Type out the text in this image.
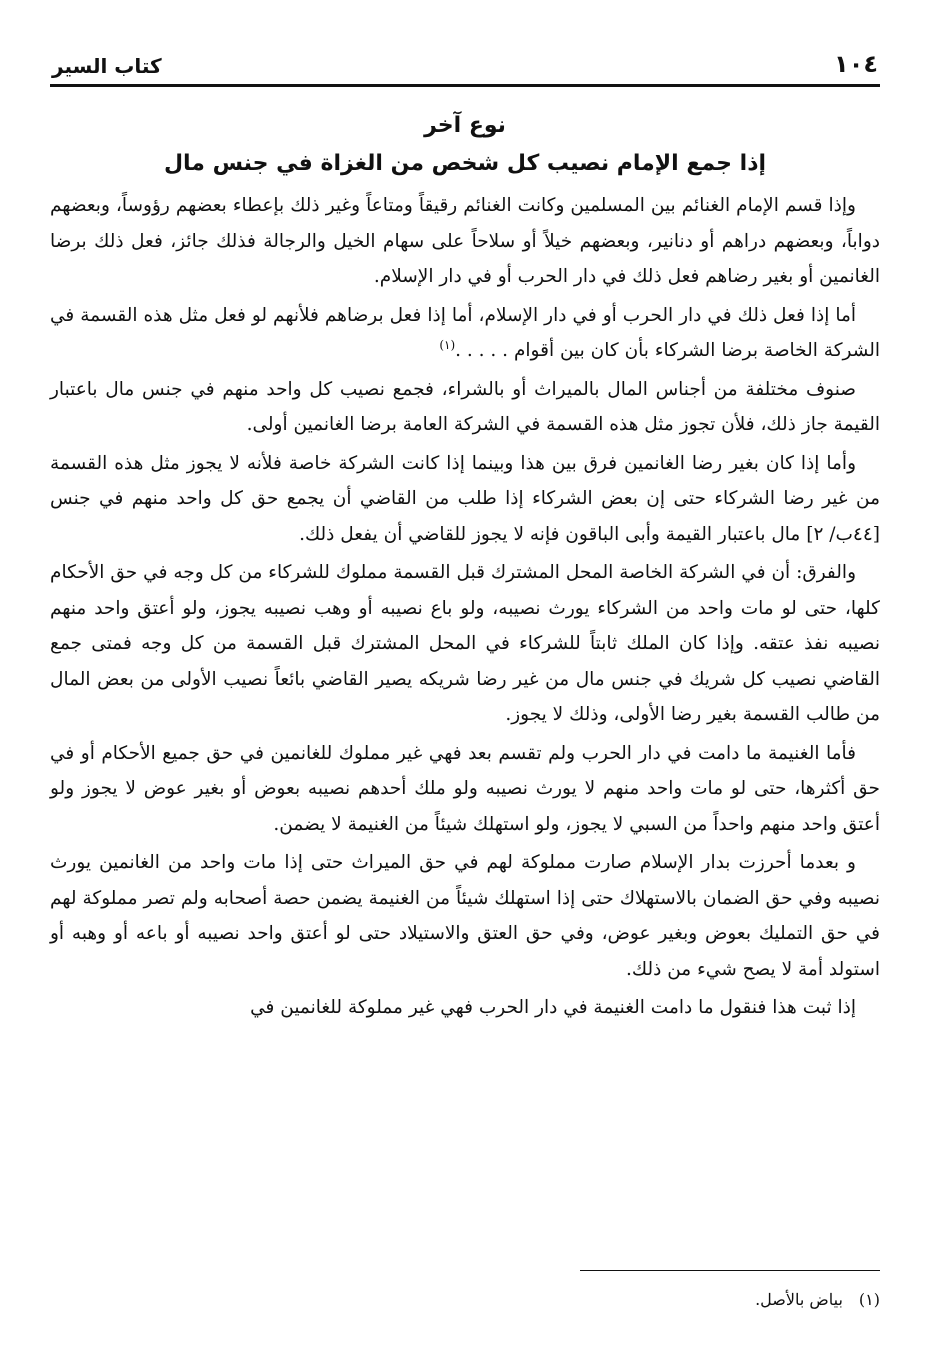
١٠٤
كتاب السير
نوع آخر
إذا جمع الإمام نصيب كل شخص من الغزاة في جنس مال

وإذا قسم الإمام الغنائم بين المسلمين وكانت الغنائم رقيقاً ومتاعاً وغير ذلك بإعطاء بعضهم رؤوساً، وبعضهم دواباً، وبعضهم دراهم أو دنانير، وبعضهم خيلاً أو سلاحاً على سهام الخيل والرجالة فذلك جائز، فعل ذلك برضا الغانمين أو بغير رضاهم فعل ذلك في دار الحرب أو في دار الإسلام.

أما إذا فعل ذلك في دار الحرب أو في دار الإسلام، أما إذا فعل برضاهم فلأنهم لو فعل مثل هذه القسمة في الشركة الخاصة برضا الشركاء بأن كان بين أقوام . . . . .$^{(١)}$

صنوف مختلفة من أجناس المال بالميراث أو بالشراء، فجمع نصيب كل واحد منهم في جنس مال باعتبار القيمة جاز ذلك، فلأن تجوز مثل هذه القسمة في الشركة العامة برضا الغانمين أولى.

وأما إذا كان بغير رضا الغانمين فرق بين هذا وبينما إذا كانت الشركة خاصة فلأنه لا يجوز مثل هذه القسمة من غير رضا الشركاء حتى إن بعض الشركاء إذا طلب من القاضي أن يجمع حق كل واحد منهم في جنس [٤٤ب/ ٢] مال باعتبار القيمة وأبى الباقون فإنه لا يجوز للقاضي أن يفعل ذلك.

والفرق: أن في الشركة الخاصة المحل المشترك قبل القسمة مملوك للشركاء من كل وجه في حق الأحكام كلها، حتى لو مات واحد من الشركاء يورث نصيبه، ولو باع نصيبه أو وهب نصيبه يجوز، ولو أعتق واحد منهم نصيبه نفذ عتقه. وإذا كان الملك ثابتاً للشركاء في المحل المشترك قبل القسمة من كل وجه فمتى جمع القاضي نصيب كل شريك في جنس مال من غير رضا شريكه يصير القاضي بائعاً نصيب الأولى من بعض المال من طالب القسمة بغير رضا الأولى، وذلك لا يجوز.

فأما الغنيمة ما دامت في دار الحرب ولم تقسم بعد فهي غير مملوك للغانمين في حق جميع الأحكام أو في حق أكثرها، حتى لو مات واحد منهم لا يورث نصيبه ولو ملك أحدهم نصيبه بعوض أو بغير عوض لا يجوز ولو أعتق واحد منهم واحداً من السبي لا يجوز، ولو استهلك شيئاً من الغنيمة لا يضمن.

و بعدما أحرزت بدار الإسلام صارت مملوكة لهم في حق الميراث حتى إذا مات واحد من الغانمين يورث نصيبه وفي حق الضمان بالاستهلاك حتى إذا استهلك شيئاً من الغنيمة يضمن حصة أصحابه ولم تصر مملوكة لهم في حق التمليك بعوض وبغير عوض، وفي حق العتق والاستيلاد حتى لو أعتق واحد نصيبه أو باعه أو وهبه أو استولد أمة لا يصح شيء من ذلك.

إذا ثبت هذا فنقول ما دامت الغنيمة في دار الحرب فهي غير مملوكة للغانمين في

(١)
بياض بالأصل.
